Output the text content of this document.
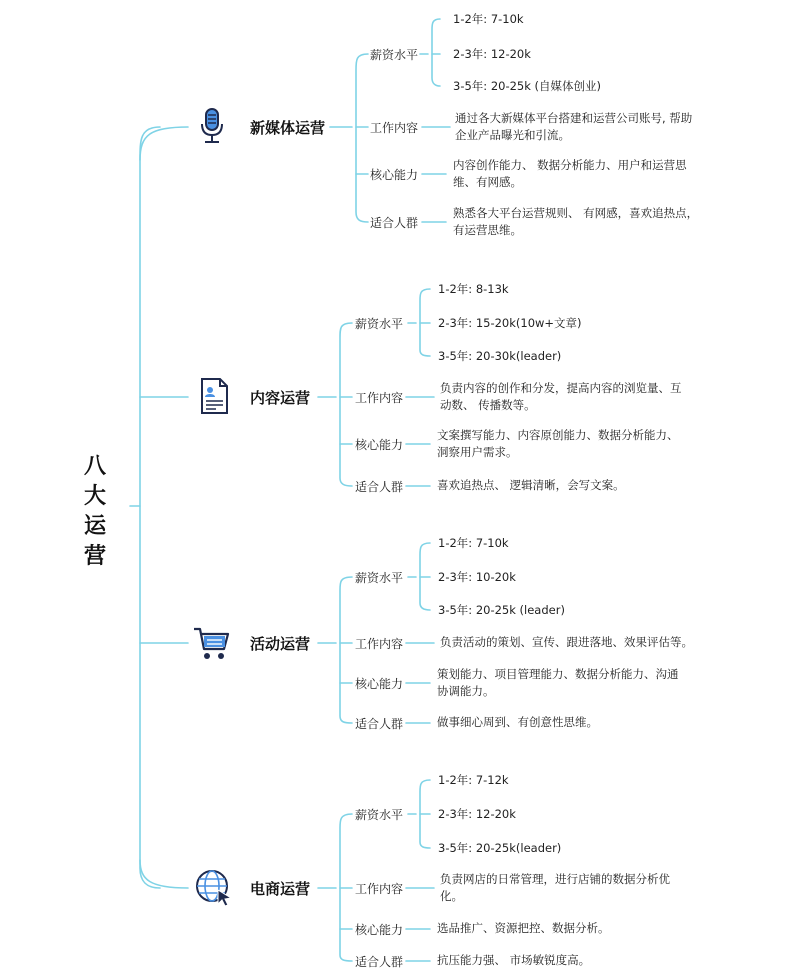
八
大
运
营
新媒体运营
薪资水平
1-2年: 7-10k
2-3年: 12-20k
3-5年: 20-25k (自媒体创业)
工作内容
通过各大新媒体平台搭建和运营公司账号, 帮助
企业产品曝光和引流。
核心能力
内容创作能力、 数据分析能力、用户和运营思
维、有网感。
适合人群
熟悉各大平台运营规则、 有网感，喜欢追热点，
有运营思维。
内容运营
薪资水平
1-2年: 8-13k
2-3年: 15-20k(10w+文章)
3-5年: 20-30k(leader)
工作内容
负责内容的创作和分发，提高内容的浏览量、互
动数、 传播数等。
核心能力
文案撰写能力、内容原创能力、数据分析能力、
洞察用户需求。
适合人群	喜欢追热点、 逻辑清晰，会写文案。
活动运营
薪资水平
1-2年: 7-10k
2-3年: 10-20k
3-5年: 20-25k (leader)
工作内容	负责活动的策划、宣传、跟进落地、效果评估等。
核心能力
策划能力、项目管理能力、数据分析能力、沟通
协调能力。
适合人群	做事细心周到、有创意性思维。
电商运营
薪资水平
1-2年: 7-12k
2-3年: 12-20k
3-5年: 20-25k(leader)
工作内容
负责网店的日常管理，进行店铺的数据分析优
化。
核心能力	选品推广、资源把控、数据分析。
适合人群	抗压能力强、 市场敏锐度高。
